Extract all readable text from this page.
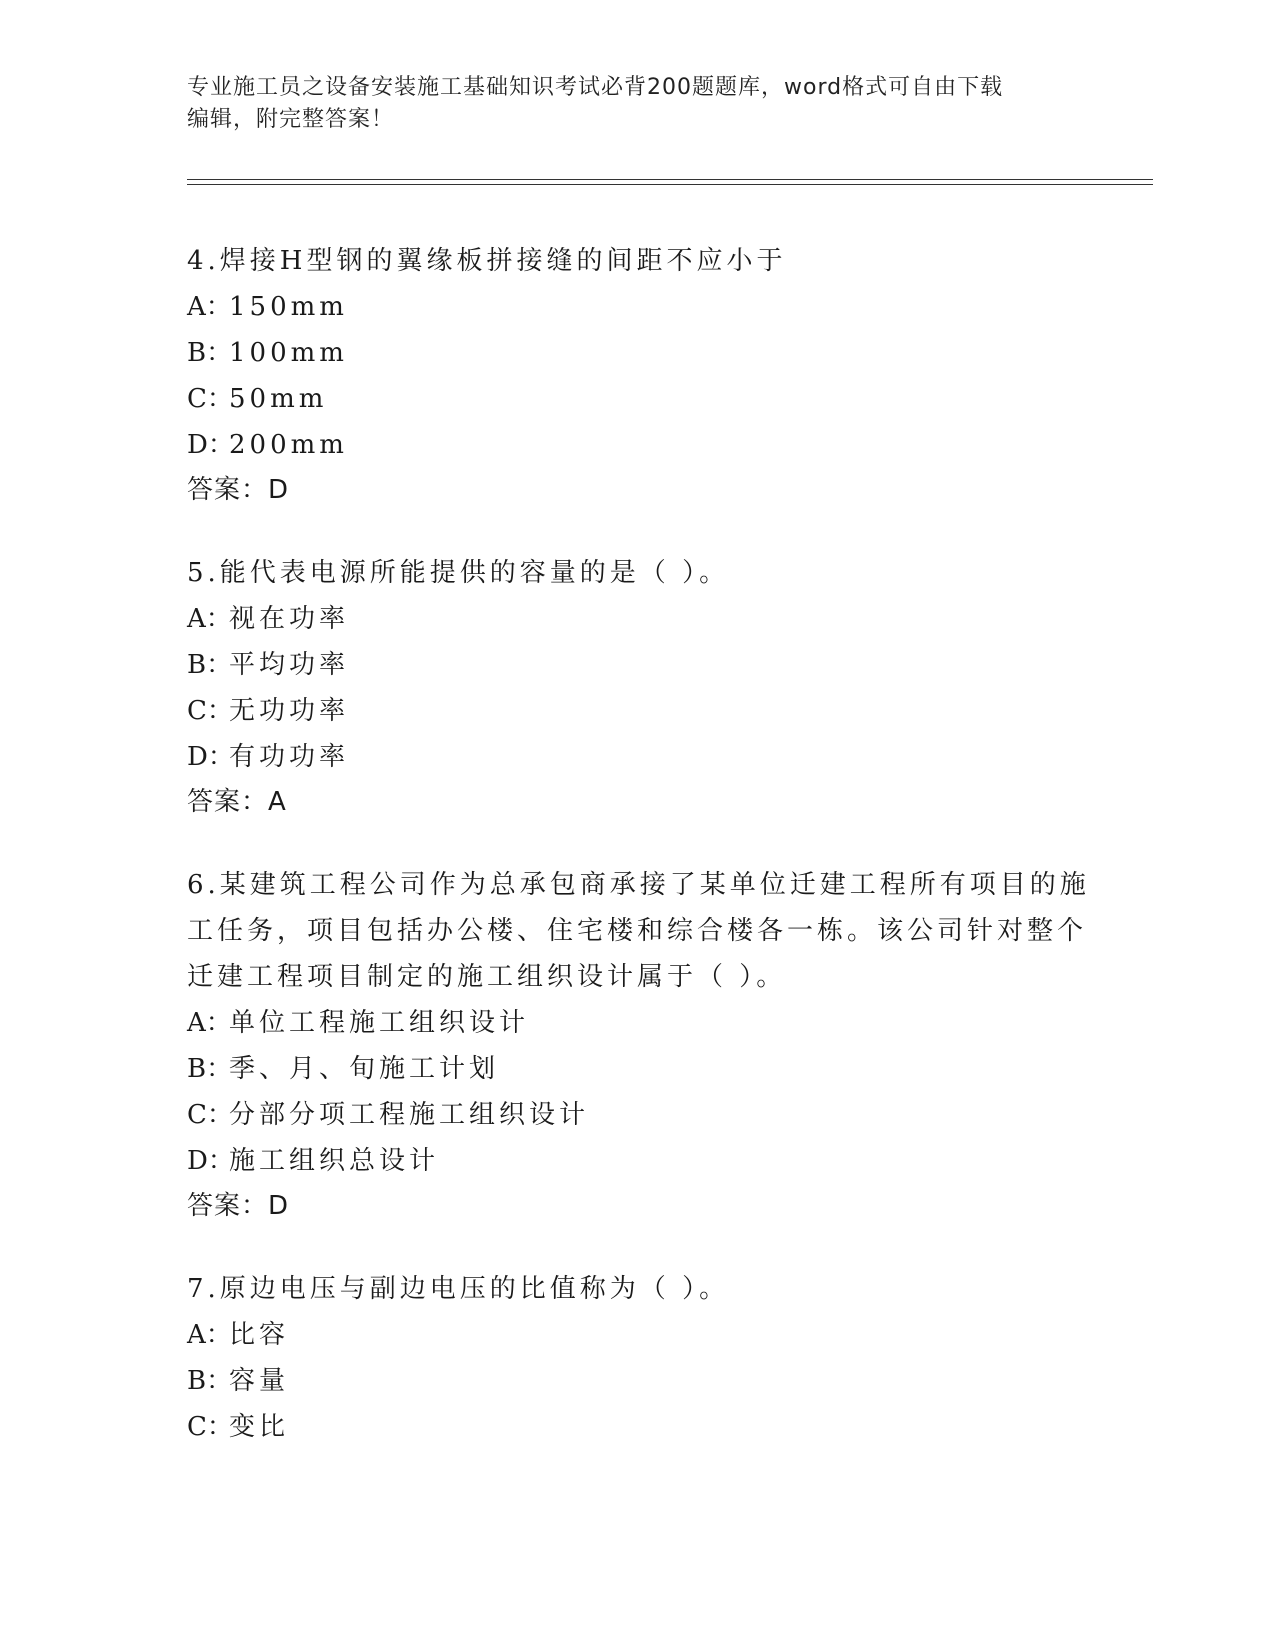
专业施工员之设备安装施工基础知识考试必背200题题库，word格式可自由下载
编辑，附完整答案！
4.焊接H型钢的翼缘板拼接缝的间距不应小于
A：150mm
B：100mm
C：50mm
D：200mm
答案：D
5.能代表电源所能提供的容量的是（ ）。
A：视在功率
B：平均功率
C：无功功率
D：有功功率
答案：A
6.某建筑工程公司作为总承包商承接了某单位迁建工程所有项目的施
工任务，项目包括办公楼、住宅楼和综合楼各一栋。该公司针对整个
迁建工程项目制定的施工组织设计属于（ ）。
A：单位工程施工组织设计
B：季、月、旬施工计划
C：分部分项工程施工组织设计
D：施工组织总设计
答案：D
7.原边电压与副边电压的比值称为（ ）。
A：比容
B：容量
C：变比
